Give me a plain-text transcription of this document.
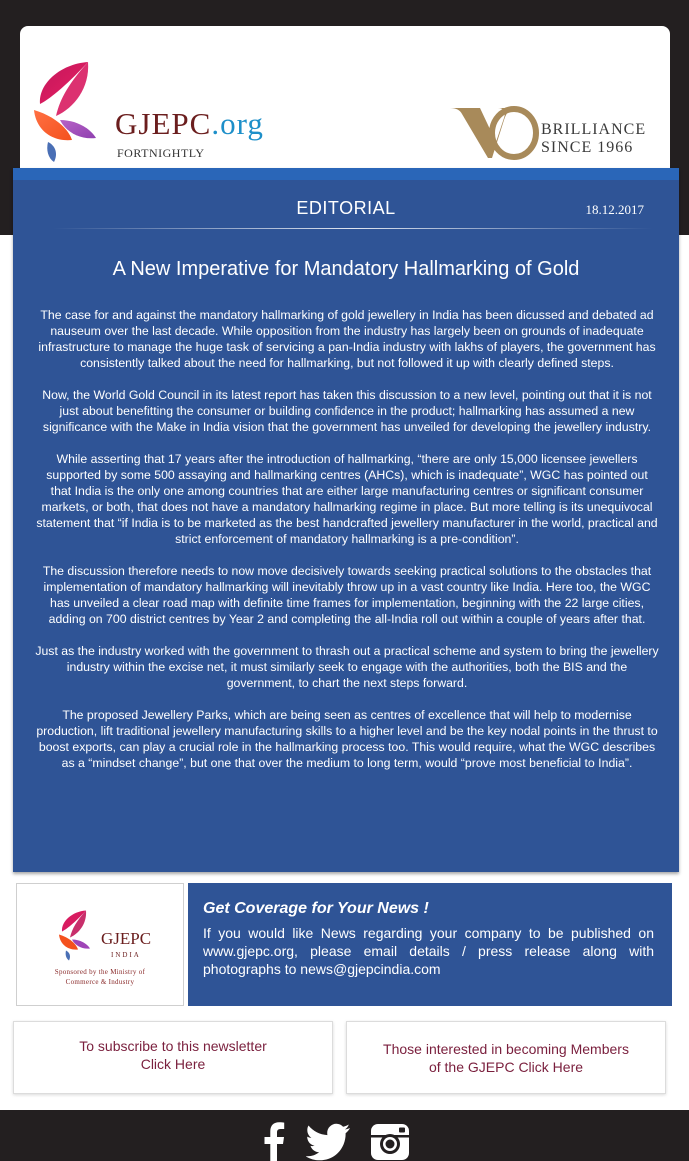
GJEPC.org
FORTNIGHTLY
BRILLIANCE
SINCE 1966
EDITORIAL	18.12.2017
A New Imperative for Mandatory Hallmarking of Gold

The case for and against the mandatory hallmarking of gold jewellery in India has been dicussed and debated ad nauseum over the last decade. While opposition from the industry has largely been on grounds of inadequate infrastructure to manage the huge task of servicing a pan-India industry with lakhs of players, the government has consistently talked about the need for hallmarking, but not followed it up with clearly defined steps.

Now, the World Gold Council in its latest report has taken this discussion to a new level, pointing out that it is not just about benefitting the consumer or building confidence in the product; hallmarking has assumed a new significance with the Make in India vision that the government has unveiled for developing the jewellery industry.

While asserting that 17 years after the introduction of hallmarking, “there are only 15,000 licensee jewellers supported by some 500 assaying and hallmarking centres (AHCs), which is inadequate”, WGC has pointed out that India is the only one among countries that are either large manufacturing centres or significant consumer markets, or both, that does not have a mandatory hallmarking regime in place. But more telling is its unequivocal statement that “if India is to be marketed as the best handcrafted jewellery manufacturer in the world, practical and strict enforcement of mandatory hallmarking is a pre-condition”.

The discussion therefore needs to now move decisively towards seeking practical solutions to the obstacles that implementation of mandatory hallmarking will inevitably throw up in a vast country like India. Here too, the WGC has unveiled a clear road map with definite time frames for implementation, beginning with the 22 large cities, adding on 700 district centres by Year 2 and completing the all-India roll out within a couple of years after that.

Just as the industry worked with the government to thrash out a practical scheme and system to bring the jewellery industry within the excise net, it must similarly seek to engage with the authorities, both the BIS and the government, to chart the next steps forward.

The proposed Jewellery Parks, which are being seen as centres of excellence that will help to modernise production, lift traditional jewellery manufacturing skills to a higher level and be the key nodal points in the thrust to boost exports, can play a crucial role in the hallmarking process too. This would require, what the WGC describes as a “mindset change”, but one that over the medium to long term, would “prove most beneficial to India”.

GJEPC
INDIA
Sponsored by the Ministry of
Commerce & Industry
Get Coverage for Your News !
If you would like News regarding your company to be published on www.gjepc.org, please email details / press release along with photographs to news@gjepcindia.com
To subscribe to this newsletter
Click Here
Those interested in becoming Members
of the GJEPC Click Here
